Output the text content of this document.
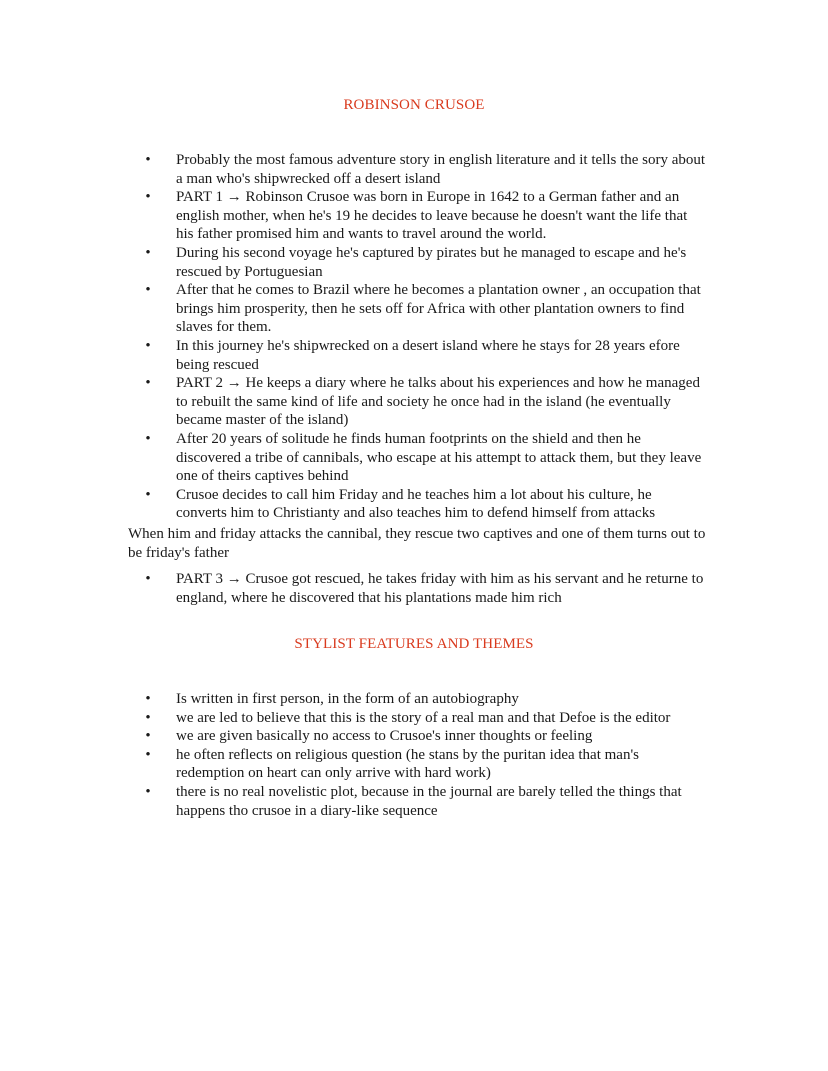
ROBINSON CRUSOE
•	Probably the most famous adventure story in english literature and it tells the sory about a man who's shipwrecked off a desert island
•	PART 1 → Robinson Crusoe was born in Europe in 1642 to a German father and an english mother, when he's 19 he decides to leave because he doesn't want the life that his father promised him and wants to travel around the world.
•	During his second voyage he's captured by pirates but he managed to escape and he's rescued by Portuguesian
•	After that he comes to Brazil where he becomes a plantation owner , an occupation that brings him prosperity, then he sets off for Africa with other plantation owners to find slaves for them.
•	In this journey he's shipwrecked on a desert island where he stays for 28 years efore being rescued
•	PART 2 → He keeps a diary where he talks about his experiences and how he managed to rebuilt the same kind of life and society he once had in the island (he eventually became master of the island)
•	After 20 years of solitude he finds human footprints on the shield and then he discovered a tribe of cannibals, who escape at his attempt to attack them, but they leave one of theirs captives behind
•	Crusoe decides to call him Friday and he teaches him a lot about his culture, he converts him to Christianty and also teaches him to defend himself from attacks

When him and friday attacks the cannibal, they rescue two captives and one of them turns out to be friday's father

•	PART 3 → Crusoe got rescued, he takes friday with him as his servant and he returne to england, where he discovered that his plantations made him rich
STYLIST FEATURES AND THEMES
•	Is written in first person, in the form of an autobiography
•	we are led to believe that this is the story of a real man and that Defoe is the editor
•	we are given basically no access to Crusoe's inner thoughts or feeling
•	he often reflects on religious question (he stans by the puritan idea that man's redemption on heart can only arrive with hard work)
•	there is no real novelistic plot, because in the journal are barely telled the things that happens tho crusoe in a diary-like sequence
